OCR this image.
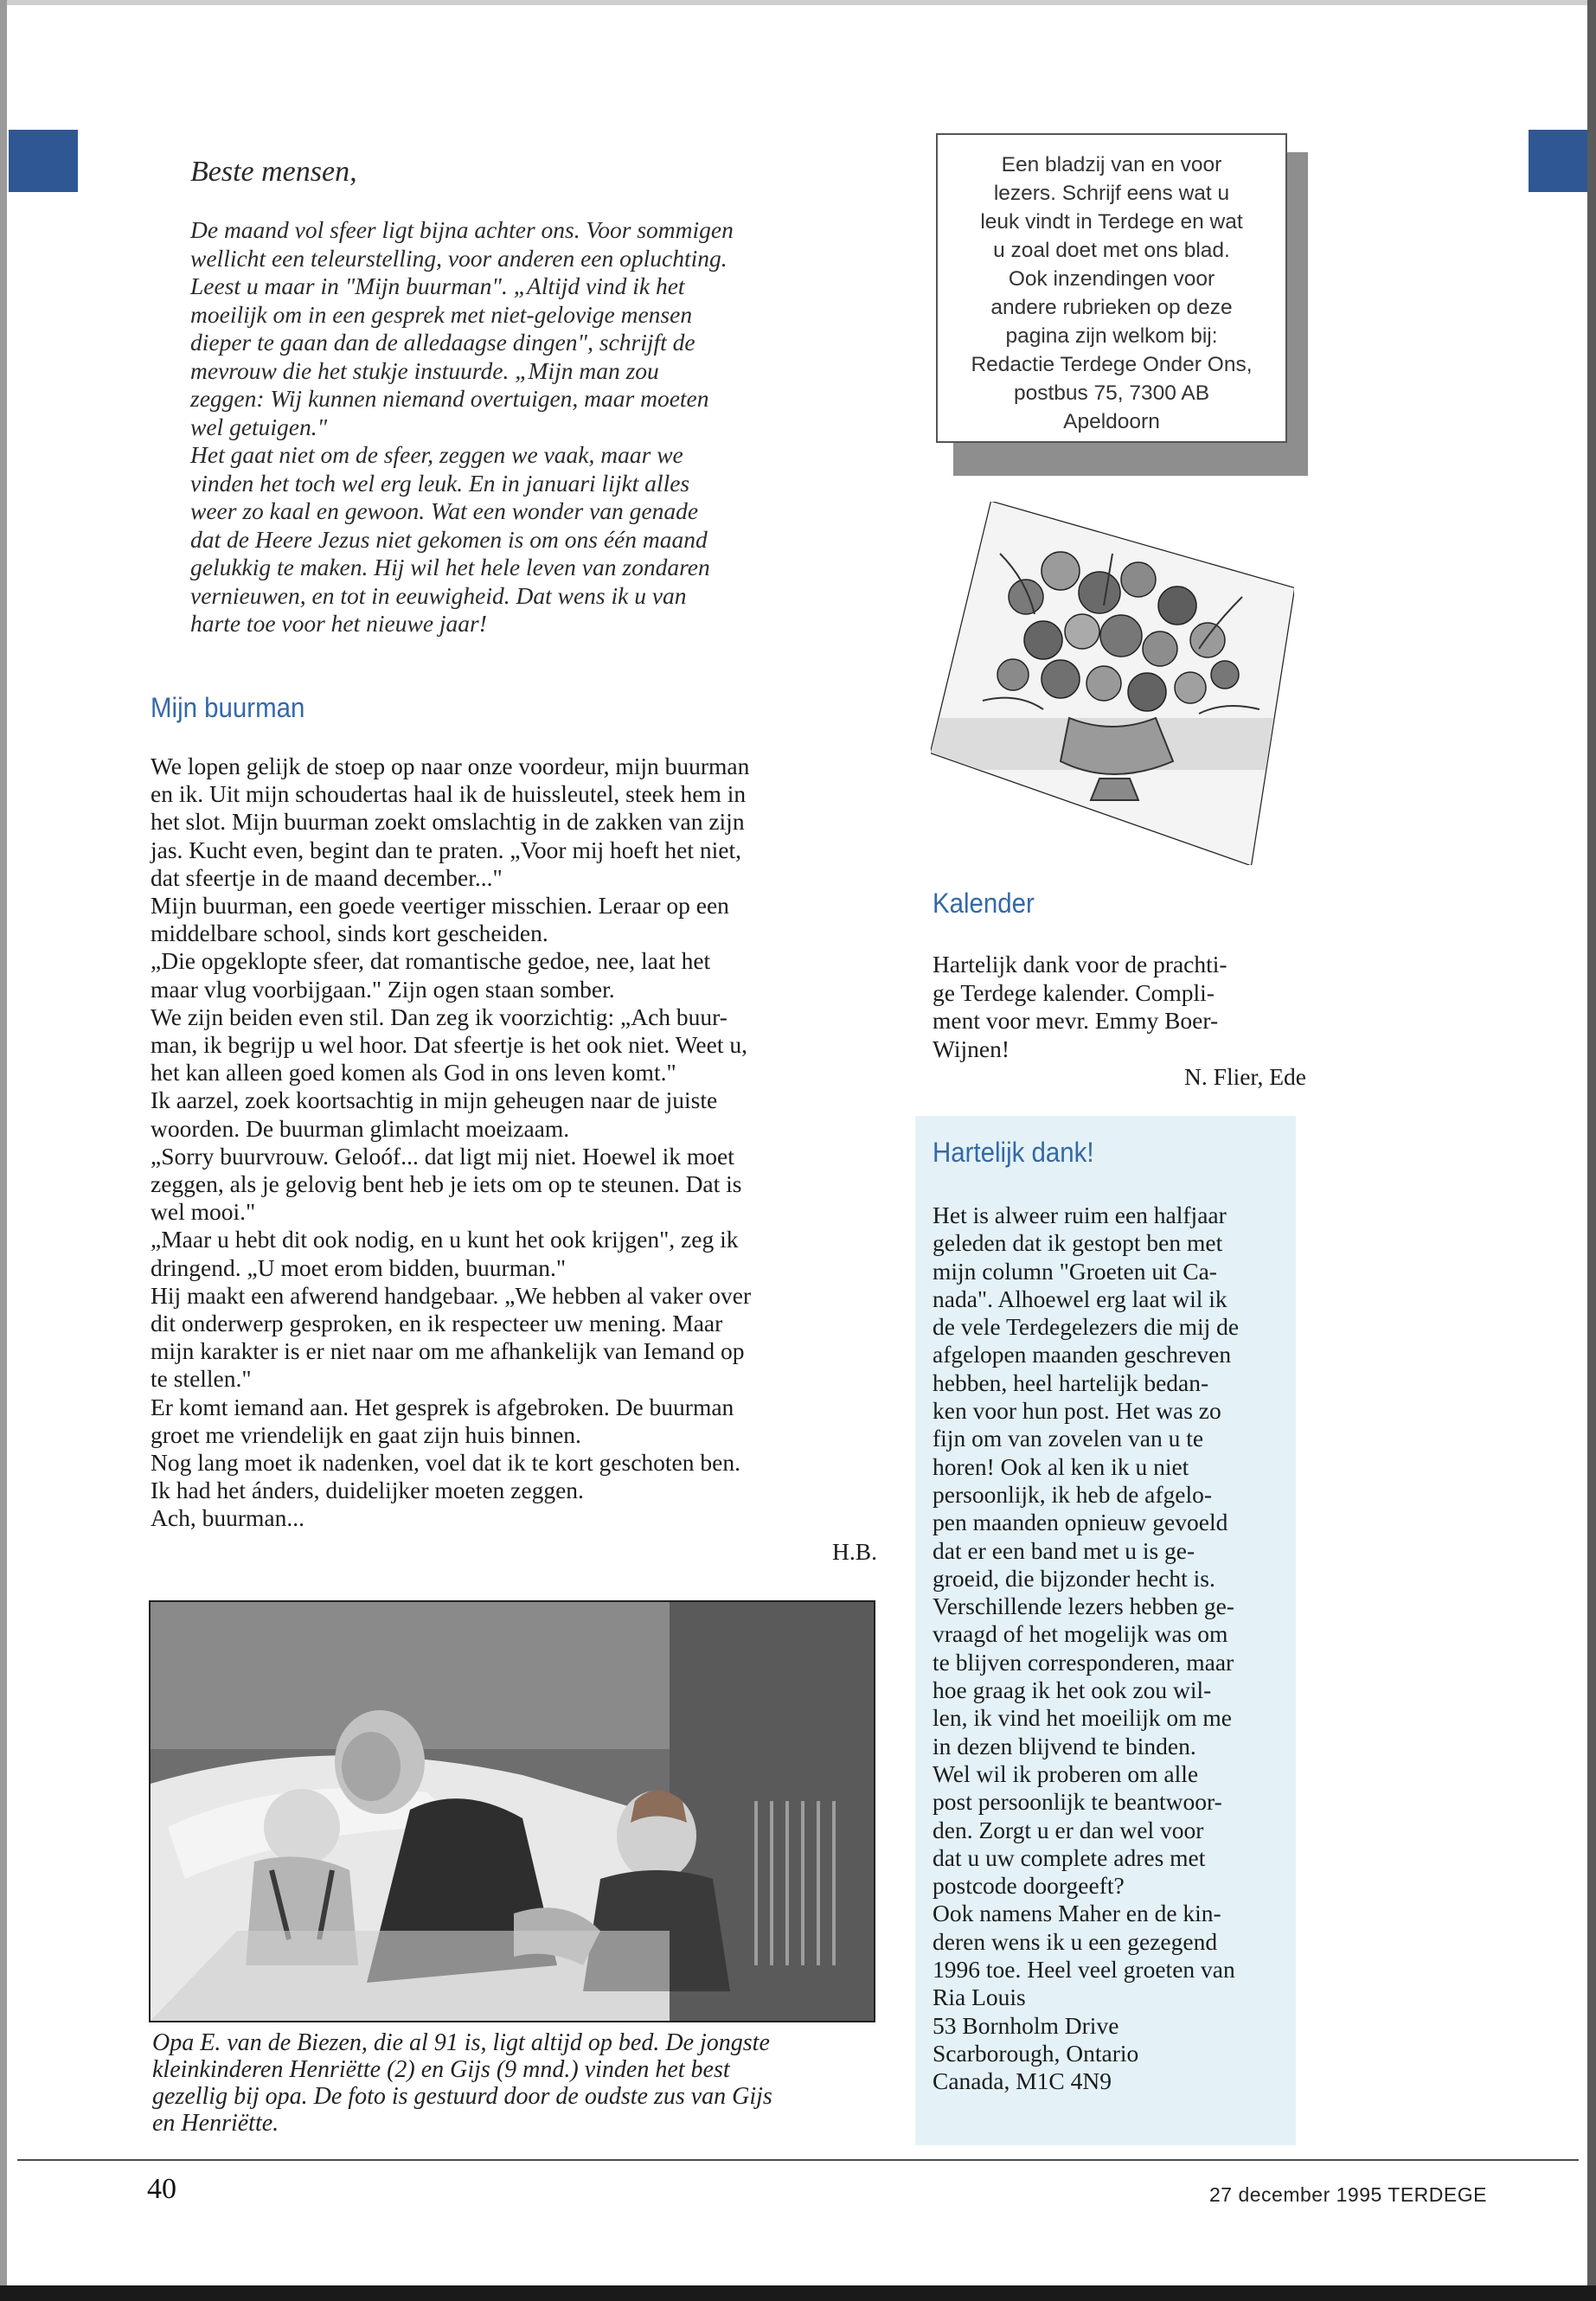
Beste mensen,

De maand vol sfeer ligt bijna achter ons. Voor sommigen

wellicht een teleurstelling, voor anderen een opluchting.

Leest u maar in "Mijn buurman". „Altijd vind ik het

moeilijk om in een gesprek met niet-gelovige mensen

dieper te gaan dan de alledaagse dingen", schrijft de

mevrouw die het stukje instuurde. „Mijn man zou

zeggen: Wij kunnen niemand overtuigen, maar moeten

wel getuigen."

Het gaat niet om de sfeer, zeggen we vaak, maar we

vinden het toch wel erg leuk. En in januari lijkt alles

weer zo kaal en gewoon. Wat een wonder van genade

dat de Heere Jezus niet gekomen is om ons één maand

gelukkig te maken. Hij wil het hele leven van zondaren

vernieuwen, en tot in eeuwigheid. Dat wens ik u van

harte toe voor het nieuwe jaar!

Mijn buurman

We lopen gelijk de stoep op naar onze voordeur, mijn buurman

en ik. Uit mijn schoudertas haal ik de huissleutel, steek hem in

het slot. Mijn buurman zoekt omslachtig in de zakken van zijn

jas. Kucht even, begint dan te praten. „Voor mij hoeft het niet,

dat sfeertje in de maand december..."

Mijn buurman, een goede veertiger misschien. Leraar op een

middelbare school, sinds kort gescheiden.

„Die opgeklopte sfeer, dat romantische gedoe, nee, laat het

maar vlug voorbijgaan." Zijn ogen staan somber.

We zijn beiden even stil. Dan zeg ik voorzichtig: „Ach buur-

man, ik begrijp u wel hoor. Dat sfeertje is het ook niet. Weet u,

het kan alleen goed komen als God in ons leven komt."

Ik aarzel, zoek koortsachtig in mijn geheugen naar de juiste

woorden. De buurman glimlacht moeizaam.

„Sorry buurvrouw. Geloóf... dat ligt mij niet. Hoewel ik moet

zeggen, als je gelovig bent heb je iets om op te steunen. Dat is

wel mooi."

„Maar u hebt dit ook nodig, en u kunt het ook krijgen", zeg ik

dringend. „U moet erom bidden, buurman."

Hij maakt een afwerend handgebaar. „We hebben al vaker over

dit onderwerp gesproken, en ik respecteer uw mening. Maar

mijn karakter is er niet naar om me afhankelijk van Iemand op

te stellen."

Er komt iemand aan. Het gesprek is afgebroken. De buurman

groet me vriendelijk en gaat zijn huis binnen.

Nog lang moet ik nadenken, voel dat ik te kort geschoten ben.

Ik had het ánders, duidelijker moeten zeggen.

Ach, buurman...

H.B.

Een bladzij van en voor
lezers. Schrijf eens wat u
leuk vindt in Terdege en wat
u zoal doet met ons blad.
Ook inzendingen voor
andere rubrieken op deze
pagina zijn welkom bij:
Redactie Terdege Onder Ons,
postbus 75, 7300 AB
Apeldoorn
Kalender
Hartelijk dank voor de prachti-
ge Terdege kalender. Compli-
ment voor mevr. Emmy Boer-
Wijnen!
N. Flier, Ede
Hartelijk dank!
Het is alweer ruim een halfjaar
geleden dat ik gestopt ben met
mijn column "Groeten uit Ca-
nada". Alhoewel erg laat wil ik
de vele Terdegelezers die mij de
afgelopen maanden geschreven
hebben, heel hartelijk bedan-
ken voor hun post. Het was zo
fijn om van zovelen van u te
horen! Ook al ken ik u niet
persoonlijk, ik heb de afgelo-
pen maanden opnieuw gevoeld
dat er een band met u is ge-
groeid, die bijzonder hecht is.
Verschillende lezers hebben ge-
vraagd of het mogelijk was om
te blijven corresponderen, maar
hoe graag ik het ook zou wil-
len, ik vind het moeilijk om me
in dezen blijvend te binden.
Wel wil ik proberen om alle
post persoonlijk te beantwoor-
den. Zorgt u er dan wel voor
dat u uw complete adres met
postcode doorgeeft?
Ook namens Maher en de kin-
deren wens ik u een gezegend
1996 toe. Heel veel groeten van
Ria Louis
53 Bornholm Drive
Scarborough, Ontario
Canada, M1C 4N9
Opa E. van de Biezen, die al 91 is, ligt altijd op bed. De jongste
kleinkinderen Henriëtte (2) en Gijs (9 mnd.) vinden het best
gezellig bij opa. De foto is gestuurd door de oudste zus van Gijs
en Henriëtte.
40	27 december 1995 TERDEGE
